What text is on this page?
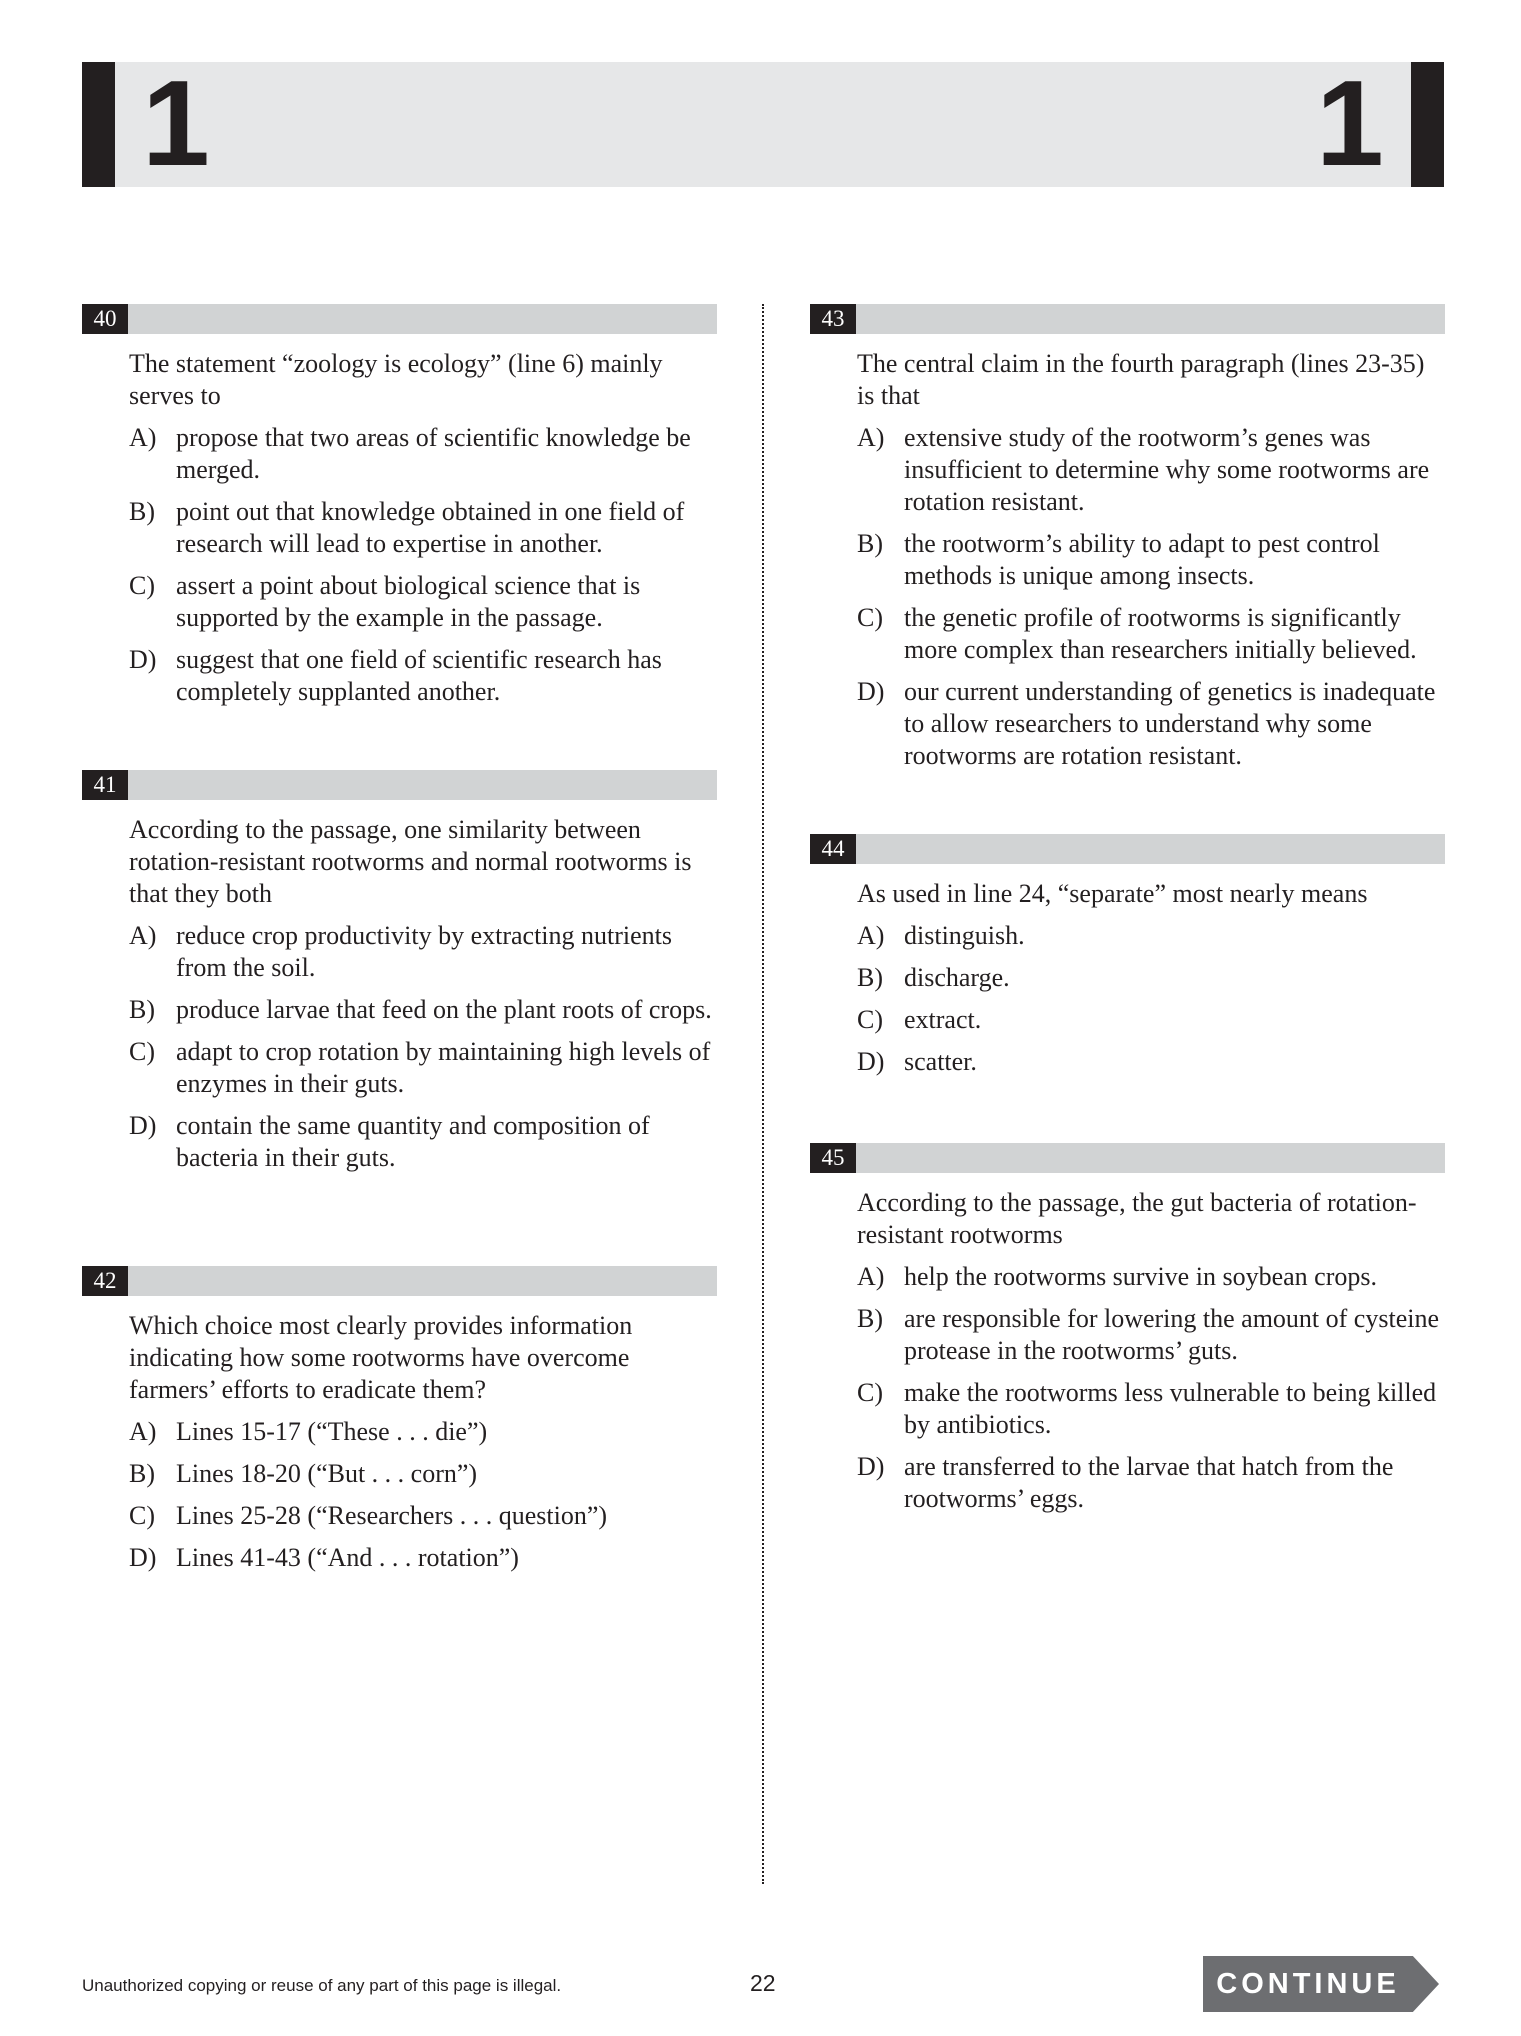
1	1
40
The statement “zoology is ecology” (line 6) mainly serves to
A) propose that two areas of scientific knowledge be merged.
B) point out that knowledge obtained in one field of research will lead to expertise in another.
C) assert a point about biological science that is supported by the example in the passage.
D) suggest that one field of scientific research has completely supplanted another.
41
According to the passage, one similarity between rotation-resistant rootworms and normal rootworms is that they both
A) reduce crop productivity by extracting nutrients from the soil.
B) produce larvae that feed on the plant roots of crops.
C) adapt to crop rotation by maintaining high levels of enzymes in their guts.
D) contain the same quantity and composition of bacteria in their guts.
42
Which choice most clearly provides information indicating how some rootworms have overcome farmers’ efforts to eradicate them?
A) Lines 15-17 (“These . . . die”)
B) Lines 18-20 (“But . . . corn”)
C) Lines 25-28 (“Researchers . . . question”)
D) Lines 41-43 (“And . . . rotation”)
43
The central claim in the fourth paragraph (lines 23-35) is that
A) extensive study of the rootworm’s genes was insufficient to determine why some rootworms are rotation resistant.
B) the rootworm’s ability to adapt to pest control methods is unique among insects.
C) the genetic profile of rootworms is significantly more complex than researchers initially believed.
D) our current understanding of genetics is inadequate to allow researchers to understand why some rootworms are rotation resistant.
44
As used in line 24, “separate” most nearly means
A) distinguish.
B) discharge.
C) extract.
D) scatter.
45
According to the passage, the gut bacteria of rotation-resistant rootworms
A) help the rootworms survive in soybean crops.
B) are responsible for lowering the amount of cysteine protease in the rootworms’ guts.
C) make the rootworms less vulnerable to being killed by antibiotics.
D) are transferred to the larvae that hatch from the rootworms’ eggs.
Unauthorized copying or reuse of any part of this page is illegal.	22	CONTINUE
